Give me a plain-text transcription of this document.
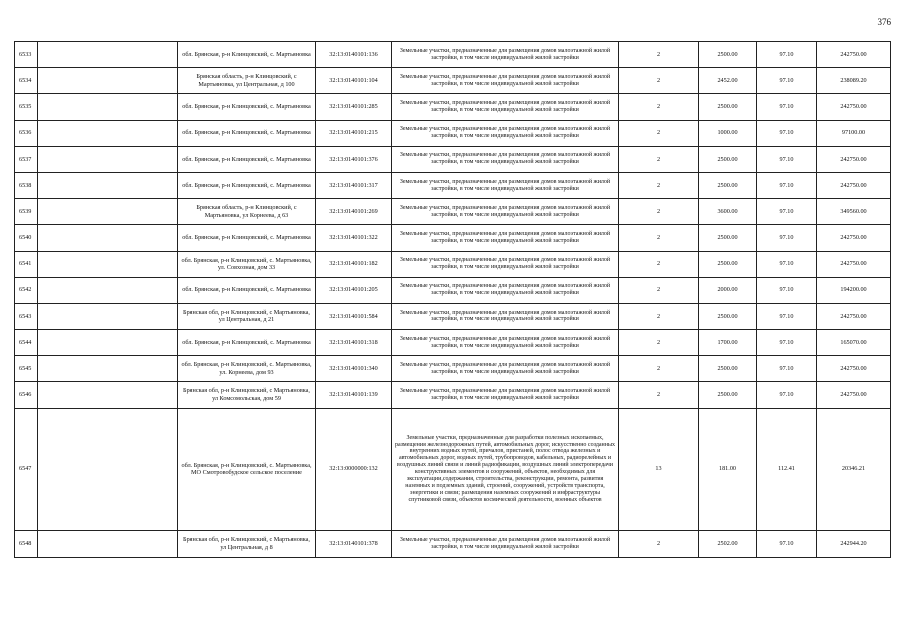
376
6533		обл. Брянская, р-н Клинцовский, с. Мартьяновка	32:13:0140101:136	Земельные участки, предназначенные для размещения домов малоэтажной жилой застройки, в том числе индивидуальной жилой застройки	2	2500.00	97.10	242750.00
6534		Брянская область, р-н Клинцовский, с Мартьяновка, ул Центральная, д 100	32:13:0140101:104	Земельные участки, предназначенные для размещения домов малоэтажной жилой застройки, в том числе индивидуальной жилой застройки	2	2452.00	97.10	238089.20
6535		обл. Брянская, р-н Клинцовский, с. Мартьяновка	32:13:0140101:285	Земельные участки, предназначенные для размещения домов малоэтажной жилой застройки, в том числе индивидуальной жилой застройки	2	2500.00	97.10	242750.00
6536		обл. Брянская, р-н Клинцовский, с. Мартьяновка	32:13:0140101:215	Земельные участки, предназначенные для размещения домов малоэтажной жилой застройки, в том числе индивидуальной жилой застройки	2	1000.00	97.10	97100.00
6537		обл. Брянская, р-н Клинцовский, с. Мартьяновка	32:13:0140101:376	Земельные участки, предназначенные для размещения домов малоэтажной жилой застройки, в том числе индивидуальной жилой застройки	2	2500.00	97.10	242750.00
6538		обл. Брянская, р-н Клинцовский, с. Мартьяновка	32:13:0140101:317	Земельные участки, предназначенные для размещения домов малоэтажной жилой застройки, в том числе индивидуальной жилой застройки	2	2500.00	97.10	242750.00
6539		Брянская область, р-н Клинцовский, с Мартьяновка, ул Корнеева, д 63	32:13:0140101:269	Земельные участки, предназначенные для размещения домов малоэтажной жилой застройки, в том числе индивидуальной жилой застройки	2	3600.00	97.10	349560.00
6540		обл. Брянская, р-н Клинцовский, с. Мартьяновка	32:13:0140101:322	Земельные участки, предназначенные для размещения домов малоэтажной жилой застройки, в том числе индивидуальной жилой застройки	2	2500.00	97.10	242750.00
6541		обл. Брянская, р-н Клинцовский, с. Мартьяновка, ул. Совхозная, дом 33	32:13:0140101:182	Земельные участки, предназначенные для размещения домов малоэтажной жилой застройки, в том числе индивидуальной жилой застройки	2	2500.00	97.10	242750.00
6542		обл. Брянская, р-н Клинцовский, с. Мартьяновка	32:13:0140101:205	Земельные участки, предназначенные для размещения домов малоэтажной жилой застройки, в том числе индивидуальной жилой застройки	2	2000.00	97.10	194200.00
6543		Брянская обл, р-н Клинцовский, с Мартьяновка, ул Центральная, д 21	32:13:0140101:584	Земельные участки, предназначенные для размещения домов малоэтажной жилой застройки, в том числе индивидуальной жилой застройки	2	2500.00	97.10	242750.00
6544		обл. Брянская, р-н Клинцовский, с. Мартьяновка	32:13:0140101:318	Земельные участки, предназначенные для размещения домов малоэтажной жилой застройки, в том числе индивидуальной жилой застройки	2	1700.00	97.10	165070.00
6545		обл. Брянская, р-н Клинцовский, с. Мартьяновка, ул. Корнеева, дом 93	32:13:0140101:340	Земельные участки, предназначенные для размещения домов малоэтажной жилой застройки, в том числе индивидуальной жилой застройки	2	2500.00	97.10	242750.00
6546		Брянская обл, р-н Клинцовский, с Мартьяновка, ул Комсомольская, дом 59	32:13:0140101:139	Земельные участки, предназначенные для размещения домов малоэтажной жилой застройки, в том числе индивидуальной жилой застройки	2	2500.00	97.10	242750.00
6547		обл. Брянская, р-н Клинцовский, с. Мартьяновка, МО Смотровобудское сельское поселение	32:13:0000000:132	Земельные участки, предназначенные для разработки полезных ископаемых, размещения железнодорожных путей, автомобильных дорог, искусственно созданных внутренних водных путей, причалов, пристаней, полос отвода железных и автомобильных дорог, водных путей, трубопроводов, кабельных, радиорелейных и воздушных линий связи и линий радиофикации, воздушных линий электропередачи конструктивных элементов и сооружений, объектов, необходимых для эксплуатации,содержания, строительства, реконструкции, ремонта, развития наземных и подземных зданий, строений, сооружений, устройств транспорта, энергетики и связи; размещения наземных сооружений и инфраструктуры спутниковой связи, объектов космической деятельности, военных объектов	13	181.00	112.41	20346.21
6548		Брянская обл, р-н Клинцовский, с Мартьяновка, ул Центральная, д 8	32:13:0140101:378	Земельные участки, предназначенные для размещения домов малоэтажной жилой застройки, в том числе индивидуальной жилой застройки	2	2502.00	97.10	242944.20
